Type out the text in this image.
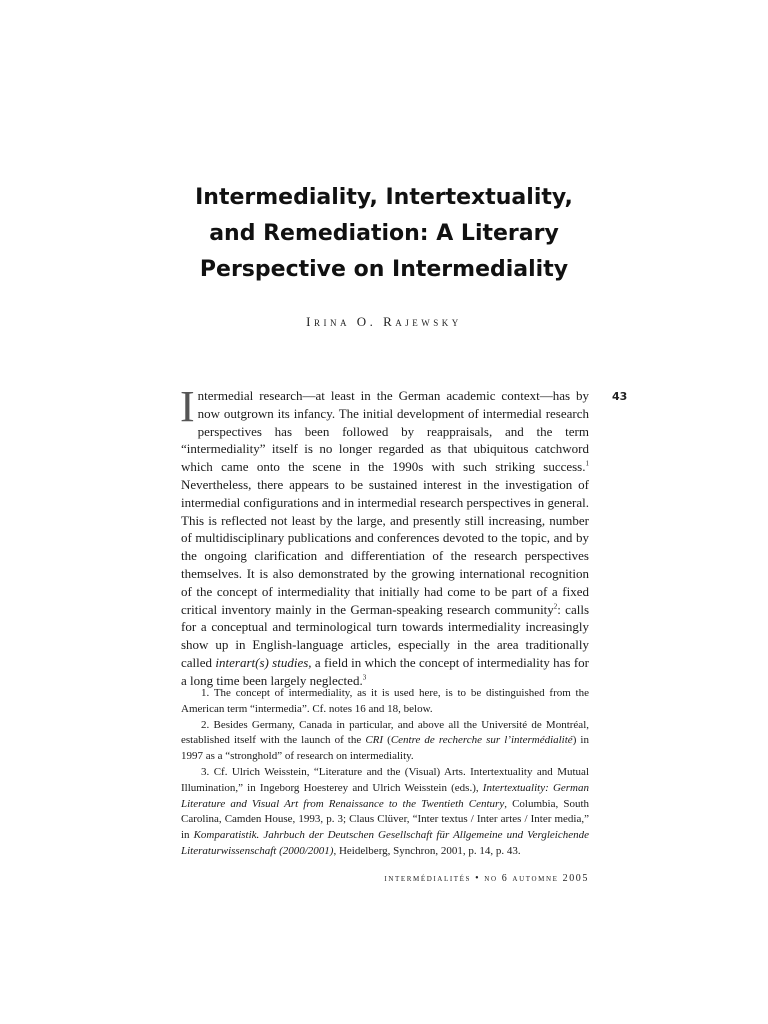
Intermediality, Intertextuality,
and Remediation: A Literary
Perspective on Intermediality
Irina O. Rajewsky
43
Intermedial research—at least in the German academic context—has by now outgrown its infancy. The initial development of intermedial research perspectives has been followed by reappraisals, and the term “intermediality” itself is no longer regarded as that ubiquitous catchword which came onto the scene in the 1990s with such striking success.$^1$ Nevertheless, there appears to be sustained interest in the investigation of intermedial configurations and in intermedial research perspectives in general. This is reflected not least by the large, and presently still increasing, number of multidisciplinary publications and conferences devoted to the topic, and by the ongoing clarification and differentiation of the research perspectives themselves. It is also demonstrated by the growing international recognition of the concept of intermediality that initially had come to be part of a fixed critical inventory mainly in the German-speaking research community$^2$: calls for a conceptual and terminological turn towards intermediality increasingly show up in English-language articles, especially in the area traditionally called interart(s) studies, a field in which the concept of intermediality has for a long time been largely neglected.$^3$

1. The concept of intermediality, as it is used here, is to be distinguished from the American term “intermedia”. Cf. notes 16 and 18, below.

2. Besides Germany, Canada in particular, and above all the Université de Montréal, established itself with the launch of the CRI (Centre de recherche sur l’intermédialité) in 1997 as a “stronghold” of research on intermediality.

3. Cf. Ulrich Weisstein, “Literature and the (Visual) Arts. Intertextuality and Mutual Illumination,” in Ingeborg Hoesterey and Ulrich Weisstein (eds.), Intertextuality: German Literature and Visual Art from Renaissance to the Twentieth Century, Columbia, South Carolina, Camden House, 1993, p. 3; Claus Clüver, “Inter textus / Inter artes / Inter media,” in Komparatistik. Jahrbuch der Deutschen Gesellschaft für Allgemeine und Vergleichende Literaturwissenschaft (2000/2001), Heidelberg, Synchron, 2001, p. 14, p. 43.

intermédialités • no 6 automne 2005
